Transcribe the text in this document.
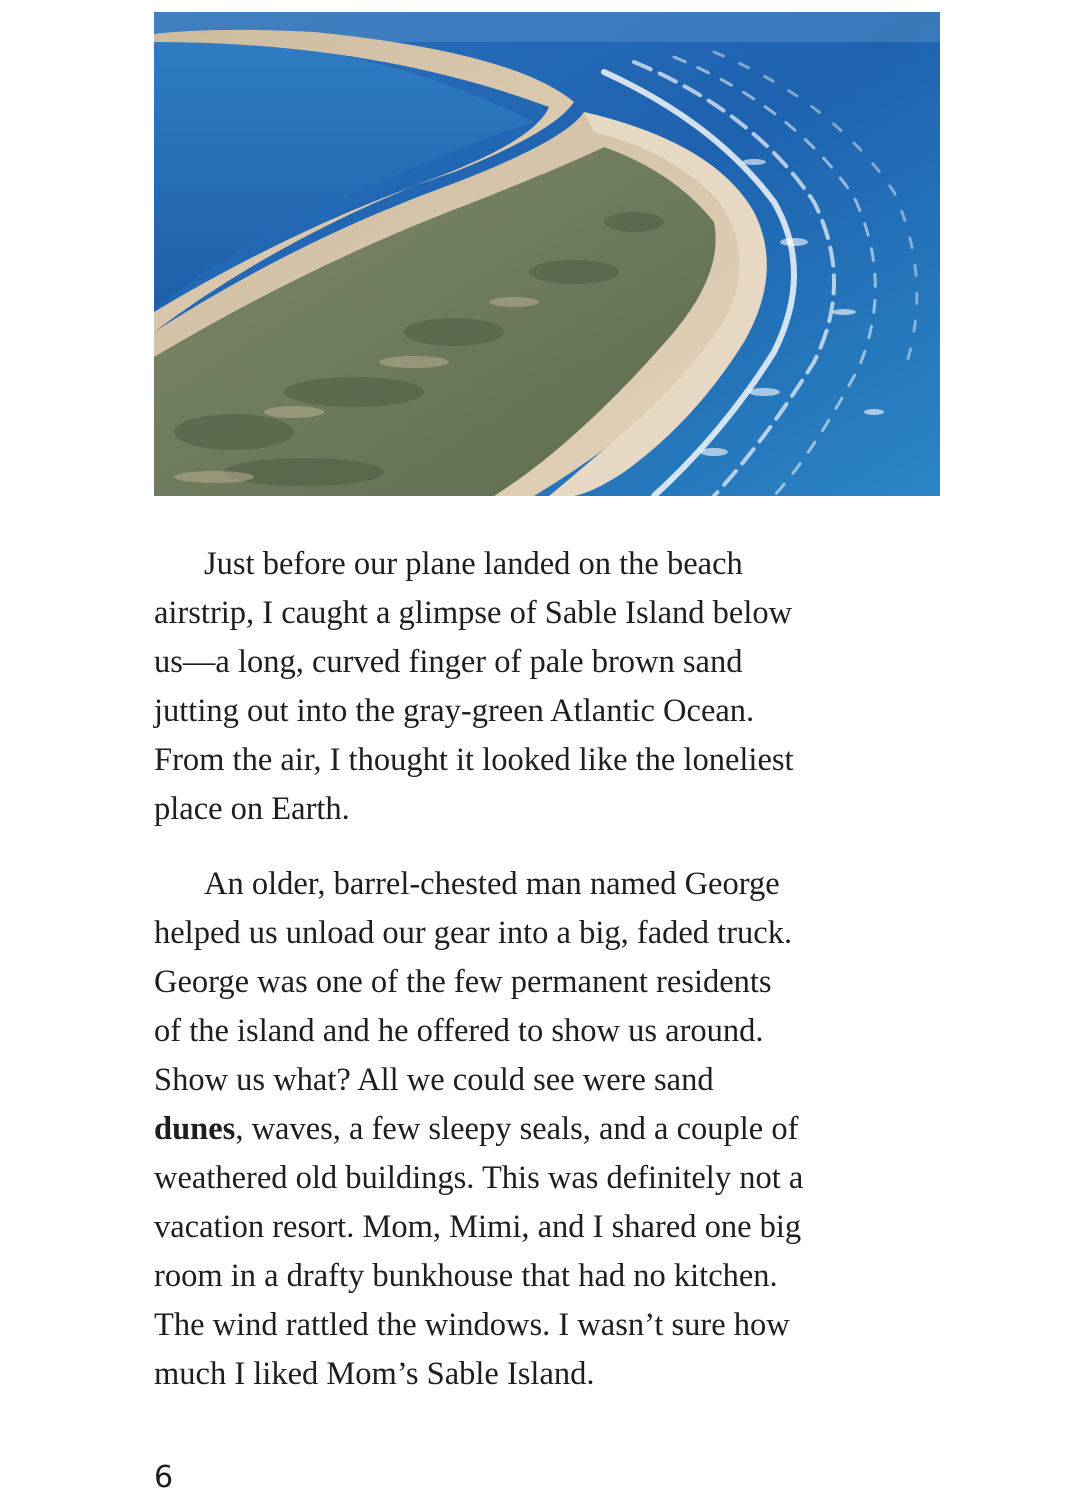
Just before our plane landed on the beach
airstrip, I caught a glimpse of Sable Island below
us—a long, curved finger of pale brown sand
jutting out into the gray-green Atlantic Ocean.
From the air, I thought it looked like the loneliest
place on Earth.

An older, barrel-chested man named George
helped us unload our gear into a big, faded truck.
George was one of the few permanent residents
of the island and he offered to show us around.
Show us what? All we could see were sand
dunes, waves, a few sleepy seals, and a couple of
weathered old buildings. This was definitely not a
vacation resort. Mom, Mimi, and I shared one big
room in a drafty bunkhouse that had no kitchen.
The wind rattled the windows. I wasn’t sure how
much I liked Mom’s Sable Island.

6
